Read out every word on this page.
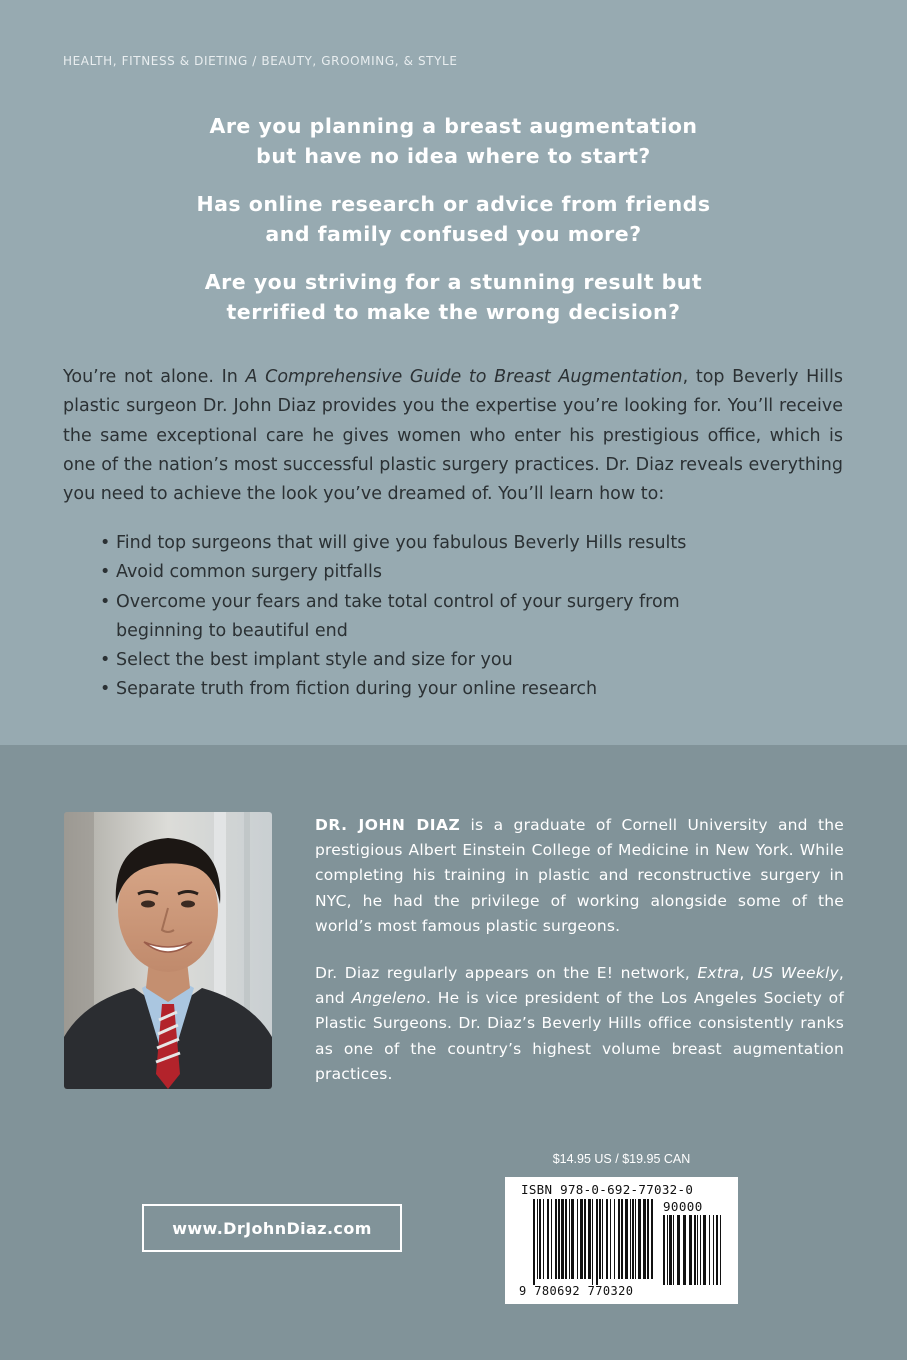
HEALTH, FITNESS & DIETING / BEAUTY, GROOMING, & STYLE

Are you planning a breast augmentation
but have no idea where to start?

Has online research or advice from friends
and family confused you more?

Are you striving for a stunning result but
terrified to make the wrong decision?

You’re not alone. In A Comprehensive Guide to Breast Augmentation, top Beverly Hills plastic surgeon Dr. John Diaz provides you the expertise you’re looking for. You’ll receive the same exceptional care he gives women who enter his prestigious office, which is one of the nation’s most successful plastic surgery practices. Dr. Diaz reveals everything you need to achieve the look you’ve dreamed of. You’ll learn how to:

• Find top surgeons that will give you fabulous Beverly Hills results
• Avoid common surgery pitfalls
• Overcome your fears and take total control of your surgery from beginning to beautiful end
• Select the best implant style and size for you
• Separate truth from fiction during your online research

DR. JOHN DIAZ is a graduate of Cornell University and the prestigious Albert Einstein College of Medicine in New York. While completing his training in plastic and reconstructive surgery in NYC, he had the privilege of working alongside some of the world’s most famous plastic surgeons.

Dr. Diaz regularly appears on the E! network, Extra, US Weekly, and Angeleno. He is vice president of the Los Angeles Society of Plastic Surgeons. Dr. Diaz’s Beverly Hills office consistently ranks as one of the country’s highest volume breast augmentation practices.

www.DrJohnDiaz.com
$14.95 US / $19.95 CAN
ISBN 978-0-692-77032-0
90000
9 780692 770320
